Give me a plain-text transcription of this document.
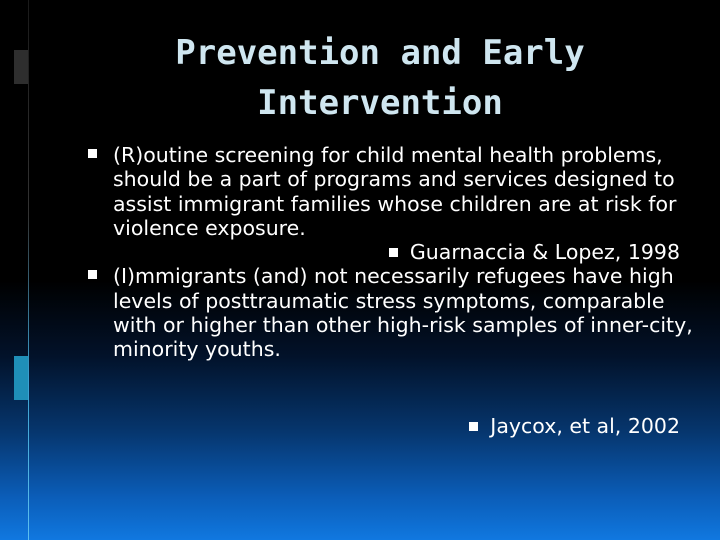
Prevention and Early
Intervention
(R)outine screening for child mental health problems, should be a part of programs and services designed to assist immigrant families whose children are at risk for violence exposure.
Guarnaccia & Lopez, 1998
(I)mmigrants (and) not necessarily refugees have high levels of posttraumatic stress symptoms, comparable with or higher than other high-risk samples of inner-city, minority youths.
Jaycox, et al, 2002
